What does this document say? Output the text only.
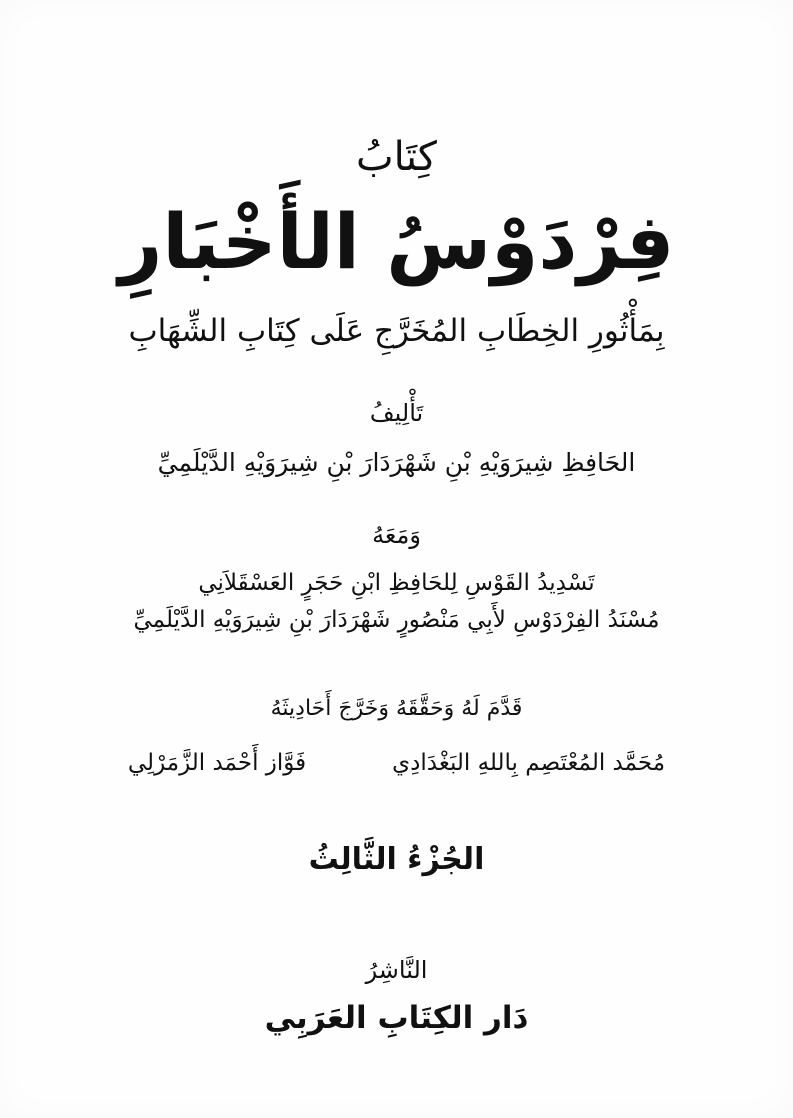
كِتَابُ
فِرْدَوْسُ الأَخْبَارِ
بِمَأْثُورِ الخِطَابِ المُخَرَّجِ عَلَى كِتَابِ الشِّهَابِ
تَأْلِيفُ
الحَافِظِ شِيرَوَيْهِ بْنِ شَهْرَدَارَ بْنِ شِيرَوَيْهِ الدَّيْلَمِيِّ
وَمَعَهُ
تَسْدِيدُ القَوْسِ لِلحَافِظِ ابْنِ حَجَرٍ العَسْقَلاَنِي
مُسْنَدُ الفِرْدَوْسِ لأَبِي مَنْصُورٍ شَهْرَدَارَ بْنِ شِيرَوَيْهِ الدَّيْلَمِيِّ
قَدَّمَ لَهُ وَحَقَّقَهُ وَخَرَّجَ أَحَادِيثَهُ
مُحَمَّد المُعْتَصِم بِاللهِ البَغْدَادِي
فَوَّاز أَحْمَد الزَّمَرْلِي
الجُزْءُ الثَّالِثُ
النَّاشِرُ
دَار الكِتَابِ العَرَبِي
